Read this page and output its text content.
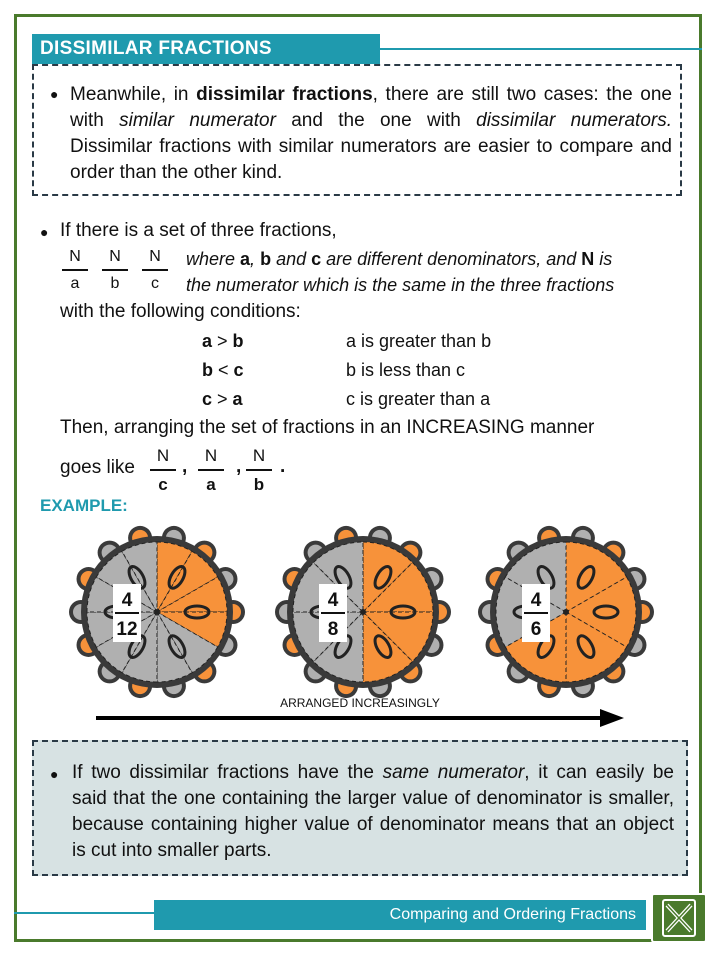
DISSIMILAR FRACTIONS
● Meanwhile, in dissimilar fractions, there are still two cases: the one with similar numerator and the one with dissimilar numerators. Dissimilar fractions with similar numerators are easier to compare and order than the other kind.
● If there is a set of three fractions,
$\frac{N}{a} \frac{N}{b} \frac{N}{c}$ where a, b and c are different denominators, and N is
the numerator which is the same in the three fractions
with the following conditions:
a > b	a is greater than b
b < c	b is less than c
c > a	c is greater than a
Then, arranging the set of fractions in an INCREASING manner
goes like $\frac{N}{c}$ , $\frac{N}{a}$ , $\frac{N}{b}$ .
EXAMPLE:
4
12
4
8
4
6
ARRANGED INCREASINGLY
● If two dissimilar fractions have the same numerator, it can easily be said that the one containing the larger value of denominator is smaller, because containing higher value of denominator means that an object is cut into smaller parts.
Comparing and Ordering Fractions
